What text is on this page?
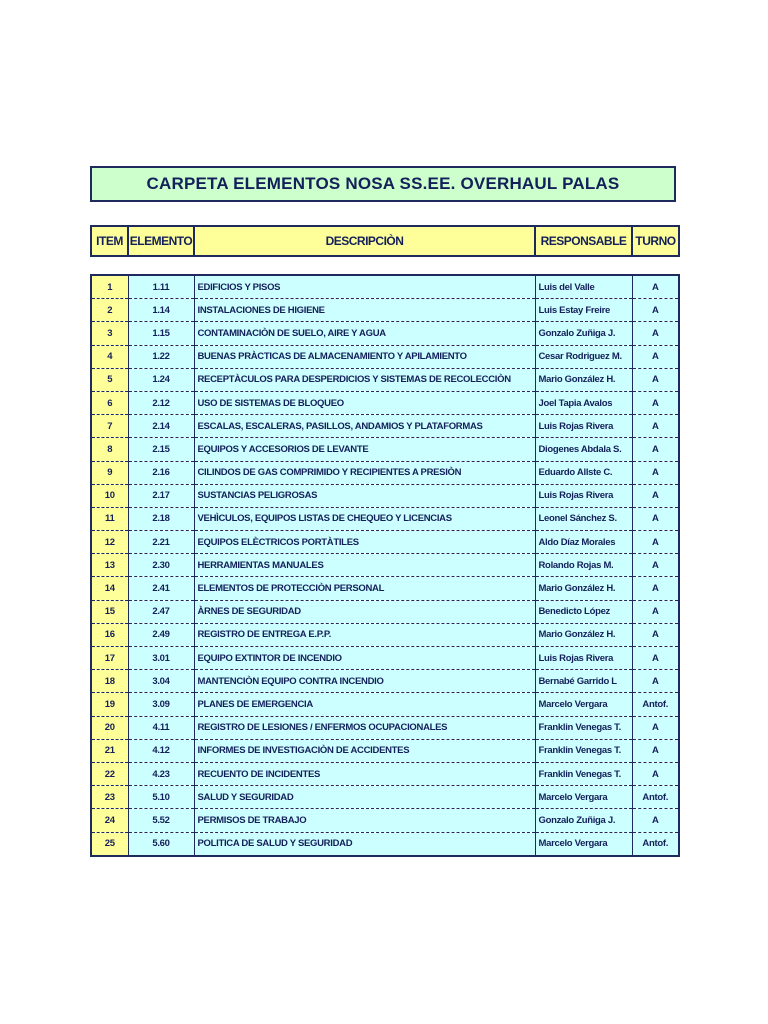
CARPETA ELEMENTOS NOSA SS.EE. OVERHAUL PALAS
ITEM	ELEMENTO	DESCRIPCIÒN	RESPONSABLE	TURNO
1	1.11	EDIFICIOS Y PISOS	Luis del Valle	A
2	1.14	INSTALACIONES DE HIGIENE	Luis Estay Freire	A
3	1.15	CONTAMINACIÒN DE SUELO, AIRE Y AGUA	Gonzalo Zuñiga J.	A
4	1.22	BUENAS PRÀCTICAS DE ALMACENAMIENTO Y APILAMIENTO	Cesar Rodriguez M.	A
5	1.24	RECEPTÀCULOS PARA DESPERDICIOS Y SISTEMAS DE RECOLECCIÒN	Mario González H.	A
6	2.12	USO DE SISTEMAS DE BLOQUEO	Joel Tapia Avalos	A
7	2.14	ESCALAS, ESCALERAS, PASILLOS, ANDAMIOS Y PLATAFORMAS	Luis Rojas Rivera	A
8	2.15	EQUIPOS Y ACCESORIOS DE LEVANTE	Diogenes Abdala S.	A
9	2.16	CILINDOS DE GAS COMPRIMIDO Y RECIPIENTES A PRESIÒN	Eduardo Allste C.	A
10	2.17	SUSTANCIAS PELIGROSAS	Luis Rojas Rivera	A
11	2.18	VEHÌCULOS, EQUIPOS LISTAS DE CHEQUEO Y LICENCIAS	Leonel Sánchez S.	A
12	2.21	EQUIPOS ELÈCTRICOS PORTÀTILES	Aldo Díaz Morales	A
13	2.30	HERRAMIENTAS MANUALES	Rolando Rojas M.	A
14	2.41	ELEMENTOS DE PROTECCIÒN PERSONAL	Mario González H.	A
15	2.47	ÀRNES DE SEGURIDAD	Benedicto López	A
16	2.49	REGISTRO DE ENTREGA E.P.P.	Mario González H.	A
17	3.01	EQUIPO EXTINTOR DE INCENDIO	Luis Rojas Rivera	A
18	3.04	MANTENCIÒN EQUIPO CONTRA INCENDIO	Bernabé Garrido L	A
19	3.09	PLANES DE EMERGENCIA	Marcelo Vergara	Antof.
20	4.11	REGISTRO DE LESIONES / ENFERMOS OCUPACIONALES	Franklin Venegas T.	A
21	4.12	INFORMES DE INVESTIGACIÒN DE ACCIDENTES	Franklin Venegas T.	A
22	4.23	RECUENTO DE INCIDENTES	Franklin Venegas T.	A
23	5.10	SALUD Y SEGURIDAD	Marcelo Vergara	Antof.
24	5.52	PERMISOS DE TRABAJO	Gonzalo Zuñiga J.	A
25	5.60	POLITICA DE SALUD Y SEGURIDAD	Marcelo Vergara	Antof.
